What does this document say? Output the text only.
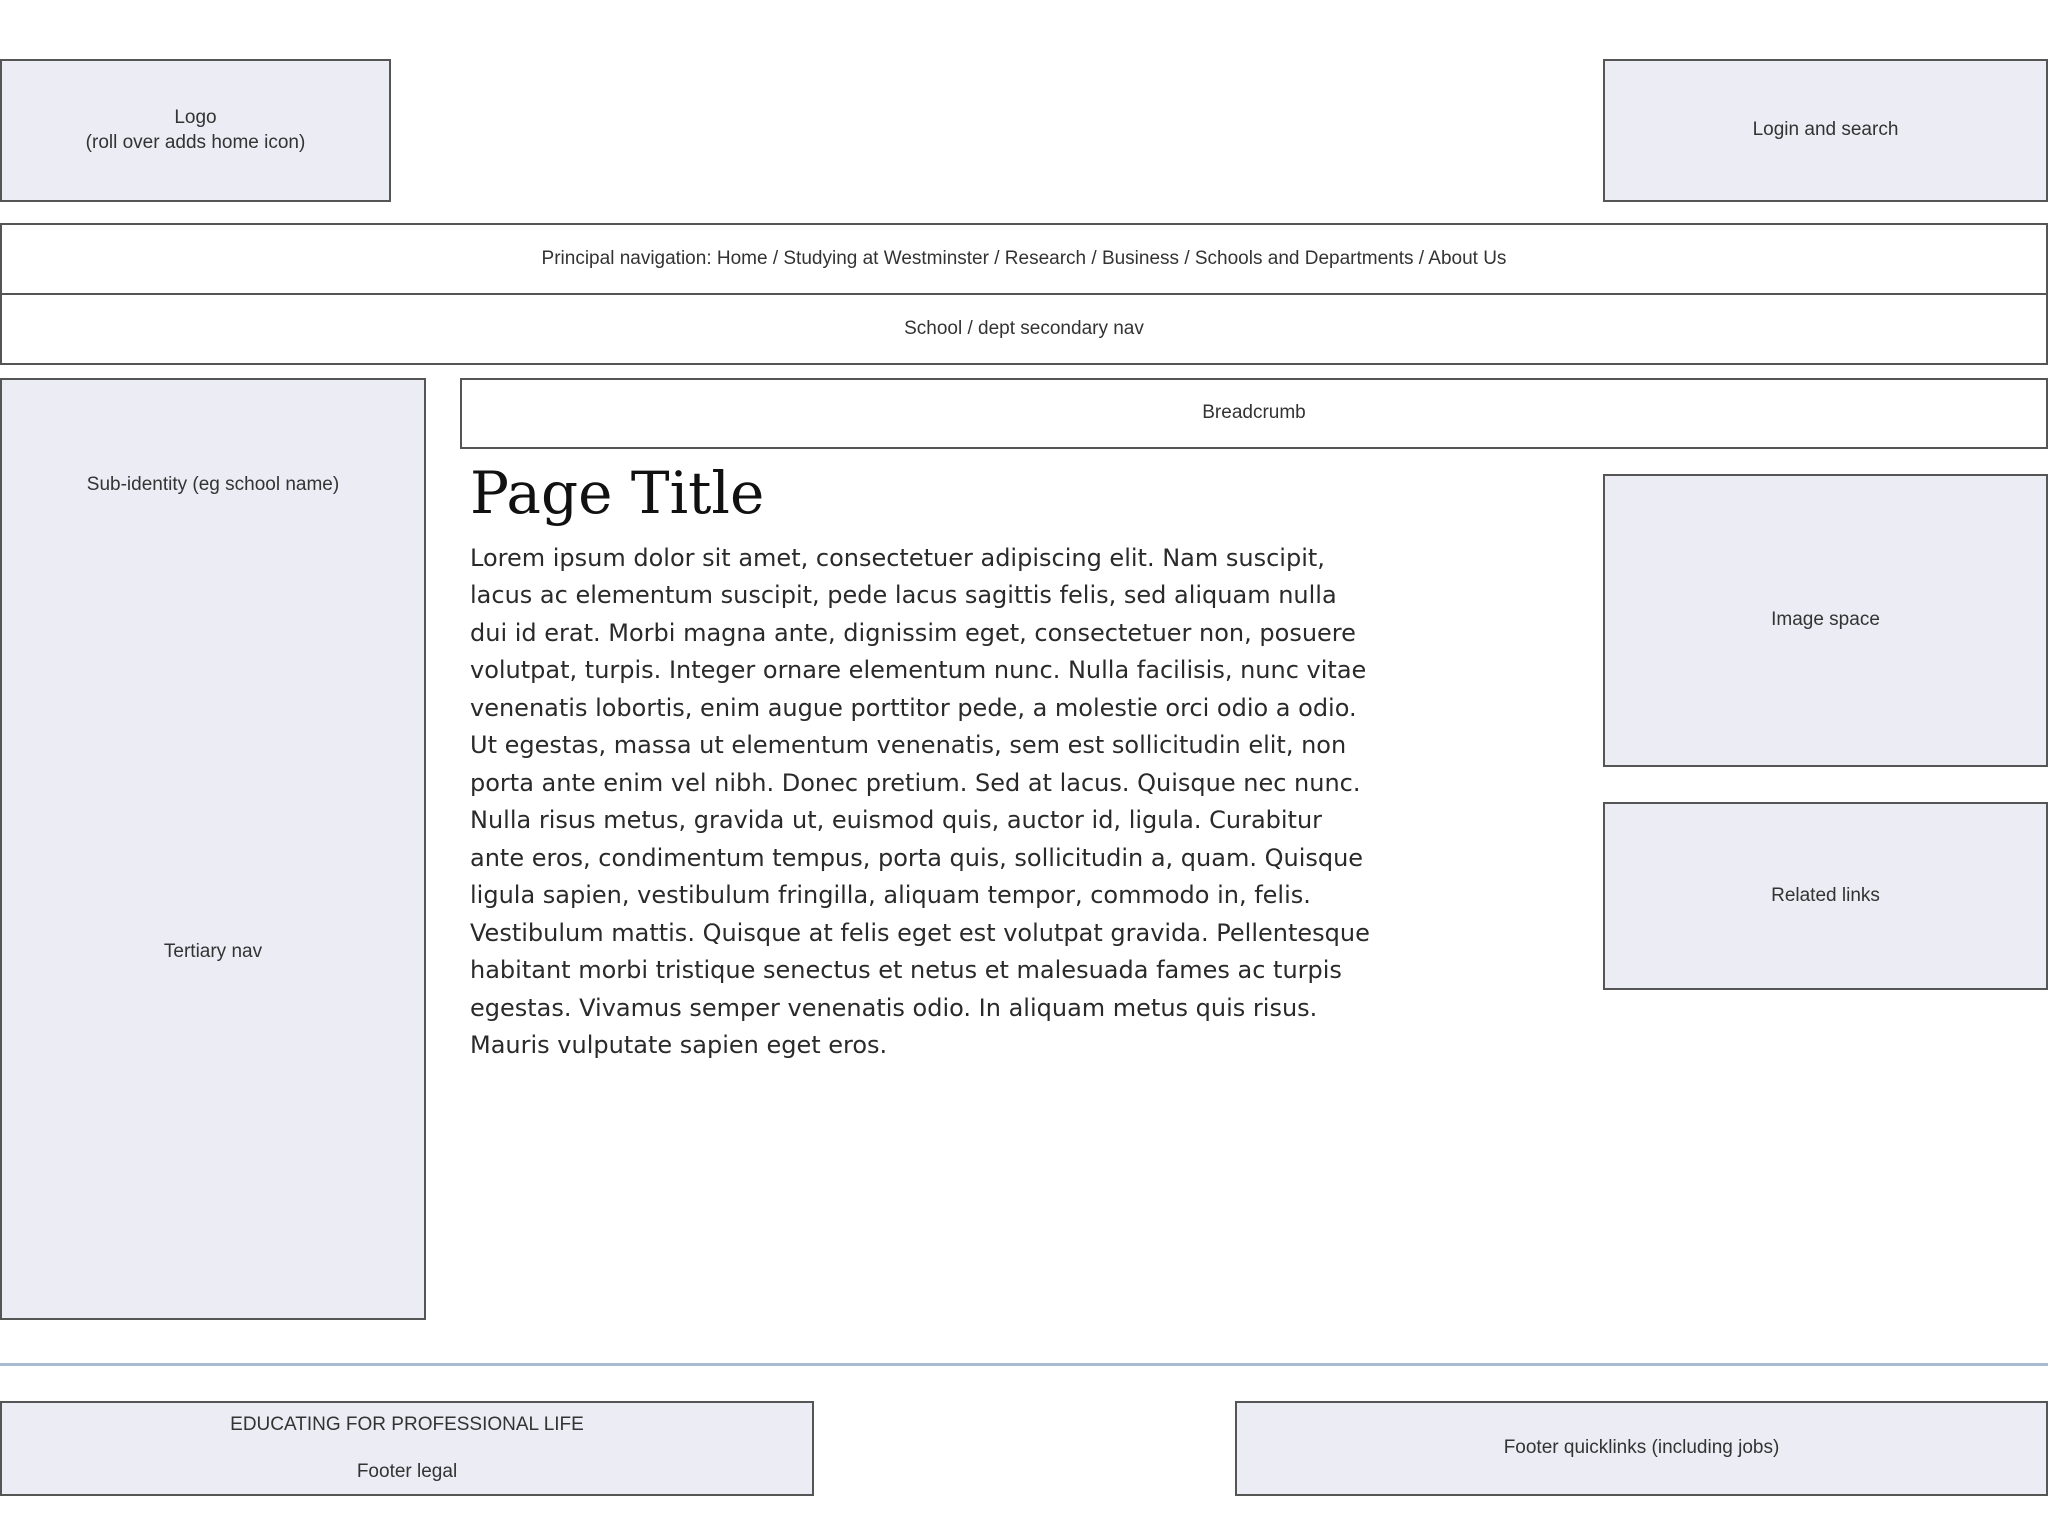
Logo
(roll over adds home icon)
Login and search
Principal navigation: Home / Studying at Westminster / Research / Business / Schools and Departments / About Us
School / dept secondary nav
Sub-identity (eg school name)
Tertiary nav
Breadcrumb
Page Title

Lorem ipsum dolor sit amet, consectetuer adipiscing elit. Nam suscipit, lacus ac elementum suscipit, pede lacus sagittis felis, sed aliquam nulla dui id erat. Morbi magna ante, dignissim eget, consectetuer non, posuere volutpat, turpis. Integer ornare elementum nunc. Nulla facilisis, nunc vitae venenatis lobortis, enim augue porttitor pede, a molestie orci odio a odio. Ut egestas, massa ut elementum venenatis, sem est sollicitudin elit, non porta ante enim vel nibh. Donec pretium. Sed at lacus. Quisque nec nunc. Nulla risus metus, gravida ut, euismod quis, auctor id, ligula. Curabitur ante eros, condimentum tempus, porta quis, sollicitudin a, quam. Quisque ligula sapien, vestibulum fringilla, aliquam tempor, commodo in, felis. Vestibulum mattis. Quisque at felis eget est volutpat gravida. Pellentesque habitant morbi tristique senectus et netus et malesuada fames ac turpis egestas. Vivamus semper venenatis odio. In aliquam metus quis risus. Mauris vulputate sapien eget eros.

Image space
Related links
EDUCATING FOR PROFESSIONAL LIFE
Footer legal
Footer quicklinks (including jobs)
